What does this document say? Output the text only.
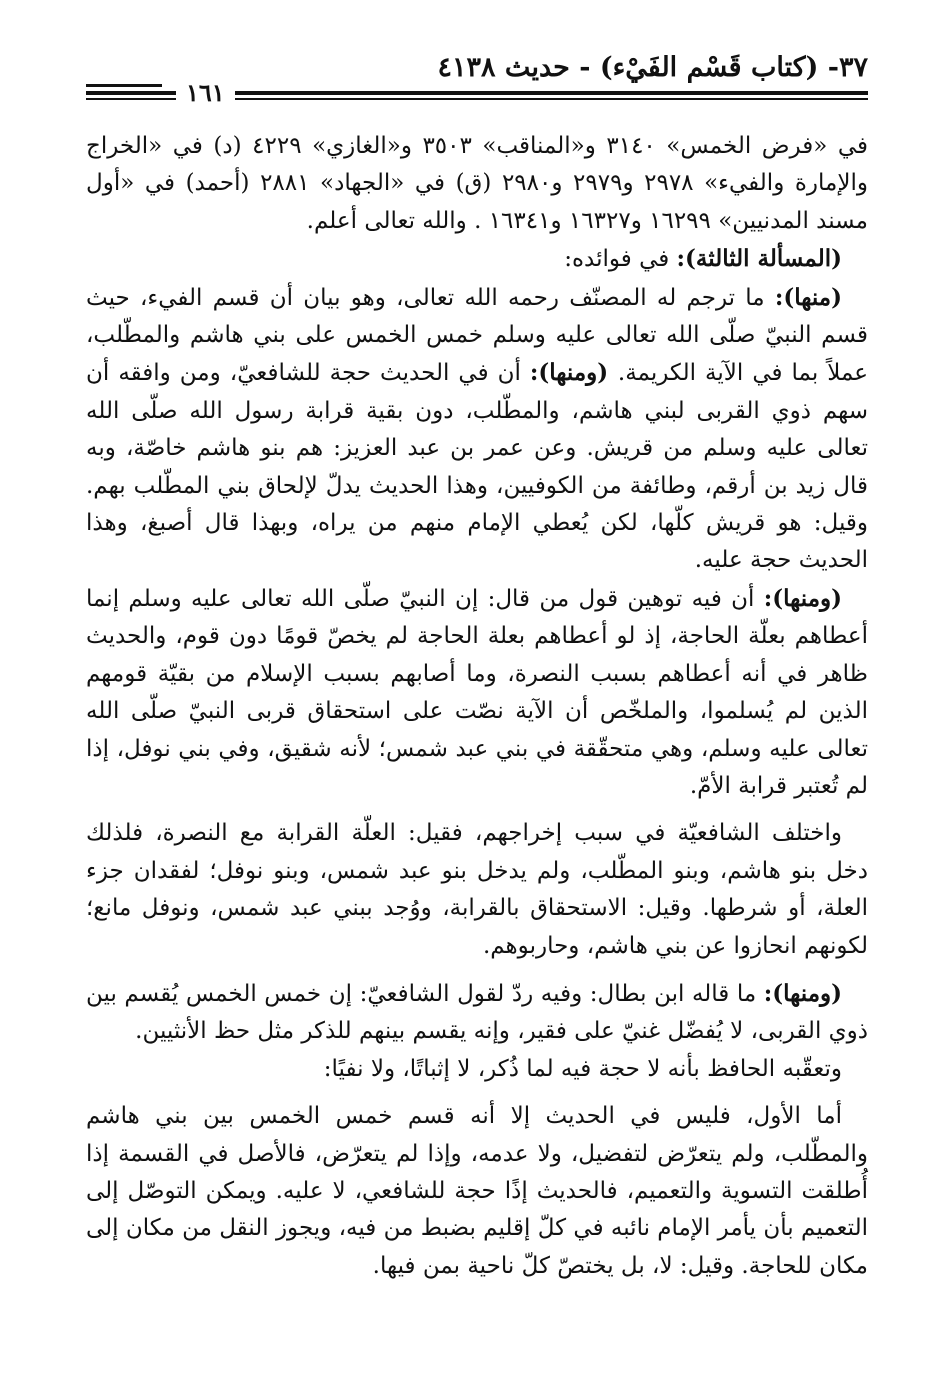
٣٧- (كتاب قَسْم الفَيْء) - حديث ٤١٣٨
١٦١

في «فرض الخمس» ٣١٤٠ و«المناقب» ٣٥٠٣ و«الغازي» ٤٢٢٩ (د) في «الخراج والإمارة والفيء» ٢٩٧٨ و٢٩٧٩ و٢٩٨٠ (ق) في «الجهاد» ٢٨٨١ (أحمد) في «أول مسند المدنيين» ١٦٢٩٩ و١٦٣٢٧ و١٦٣٤١ . والله تعالى أعلم.

(المسألة الثالثة): في فوائده:

(منها): ما ترجم له المصنّف رحمه الله تعالى، وهو بيان أن قسم الفيء، حيث قسم النبيّ صلّى الله تعالى عليه وسلم خمس الخمس على بني هاشم والمطّلب، عملاً بما في الآية الكريمة. (ومنها): أن في الحديث حجة للشافعيّ، ومن وافقه أن سهم ذوي القربى لبني هاشم، والمطّلب، دون بقية قرابة رسول الله صلّى الله تعالى عليه وسلم من قريش. وعن عمر بن عبد العزيز: هم بنو هاشم خاصّة، وبه قال زيد بن أرقم، وطائفة من الكوفيين، وهذا الحديث يدلّ لإلحاق بني المطّلب بهم. وقيل: هو قريش كلّها، لكن يُعطي الإمام منهم من يراه، وبهذا قال أصبغ، وهذا الحديث حجة عليه.

(ومنها): أن فيه توهين قول من قال: إن النبيّ صلّى الله تعالى عليه وسلم إنما أعطاهم بعلّة الحاجة، إذ لو أعطاهم بعلة الحاجة لم يخصّ قومًا دون قوم، والحديث ظاهر في أنه أعطاهم بسبب النصرة، وما أصابهم بسبب الإسلام من بقيّة قومهم الذين لم يُسلموا، والملخّص أن الآية نصّت على استحقاق قربى النبيّ صلّى الله تعالى عليه وسلم، وهي متحقّقة في بني عبد شمس؛ لأنه شقيق، وفي بني نوفل، إذا لم تُعتبر قرابة الأمّ.

واختلف الشافعيّة في سبب إخراجهم، فقيل: العلّة القرابة مع النصرة، فلذلك دخل بنو هاشم، وبنو المطّلب، ولم يدخل بنو عبد شمس، وبنو نوفل؛ لفقدان جزء العلة، أو شرطها. وقيل: الاستحقاق بالقرابة، ووُجد ببني عبد شمس، ونوفل مانع؛ لكونهم انحازوا عن بني هاشم، وحاربوهم.

(ومنها): ما قاله ابن بطال: وفيه ردّ لقول الشافعيّ: إن خمس الخمس يُقسم بين ذوي القربى، لا يُفضّل غنيّ على فقير، وإنه يقسم بينهم للذكر مثل حظ الأنثيين.

وتعقّبه الحافظ بأنه لا حجة فيه لما ذُكر، لا إثباتًا، ولا نفيًا:

أما الأول، فليس في الحديث إلا أنه قسم خمس الخمس بين بني هاشم والمطّلب، ولم يتعرّض لتفضيل، ولا عدمه، وإذا لم يتعرّض، فالأصل في القسمة إذا أُطلقت التسوية والتعميم، فالحديث إذًا حجة للشافعي، لا عليه. ويمكن التوصّل إلى التعميم بأن يأمر الإمام نائبه في كلّ إقليم بضبط من فيه، ويجوز النقل من مكان إلى مكان للحاجة. وقيل: لا، بل يختصّ كلّ ناحية بمن فيها.
